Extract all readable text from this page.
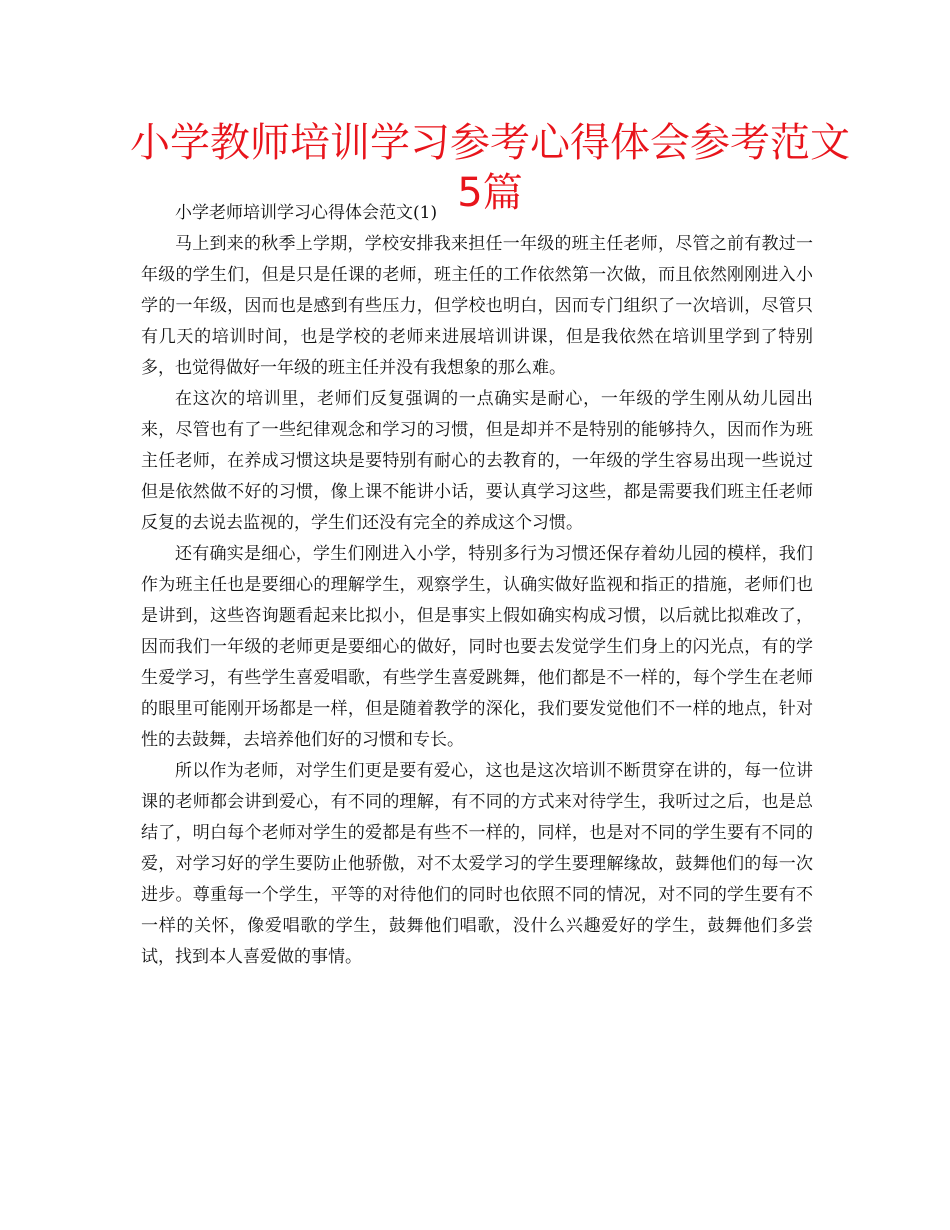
小学教师培训学习参考心得体会参考范文5篇

小学老师培训学习心得体会范文(1)

马上到来的秋季上学期，学校安排我来担任一年级的班主任老师，尽管之前有教过一年级的学生们，但是只是任课的老师，班主任的工作依然第一次做，而且依然刚刚进入小学的一年级，因而也是感到有些压力，但学校也明白，因而专门组织了一次培训，尽管只有几天的培训时间，也是学校的老师来进展培训讲课，但是我依然在培训里学到了特别多，也觉得做好一年级的班主任并没有我想象的那么难。

在这次的培训里，老师们反复强调的一点确实是耐心，一年级的学生刚从幼儿园出来，尽管也有了一些纪律观念和学习的习惯，但是却并不是特别的能够持久，因而作为班主任老师，在养成习惯这块是要特别有耐心的去教育的，一年级的学生容易出现一些说过但是依然做不好的习惯，像上课不能讲小话，要认真学习这些，都是需要我们班主任老师反复的去说去监视的，学生们还没有完全的养成这个习惯。

还有确实是细心，学生们刚进入小学，特别多行为习惯还保存着幼儿园的模样，我们作为班主任也是要细心的理解学生，观察学生，认确实做好监视和指正的措施，老师们也是讲到，这些咨询题看起来比拟小，但是事实上假如确实构成习惯，以后就比拟难改了，因而我们一年级的老师更是要细心的做好，同时也要去发觉学生们身上的闪光点，有的学生爱学习，有些学生喜爱唱歌，有些学生喜爱跳舞，他们都是不一样的，每个学生在老师的眼里可能刚开场都是一样，但是随着教学的深化，我们要发觉他们不一样的地点，针对性的去鼓舞，去培养他们好的习惯和专长。

所以作为老师，对学生们更是要有爱心，这也是这次培训不断贯穿在讲的，每一位讲课的老师都会讲到爱心，有不同的理解，有不同的方式来对待学生，我听过之后，也是总结了，明白每个老师对学生的爱都是有些不一样的，同样，也是对不同的学生要有不同的爱，对学习好的学生要防止他骄傲，对不太爱学习的学生要理解缘故，鼓舞他们的每一次进步。尊重每一个学生，平等的对待他们的同时也依照不同的情况，对不同的学生要有不一样的关怀，像爱唱歌的学生，鼓舞他们唱歌，没什么兴趣爱好的学生，鼓舞他们多尝试，找到本人喜爱做的事情。
